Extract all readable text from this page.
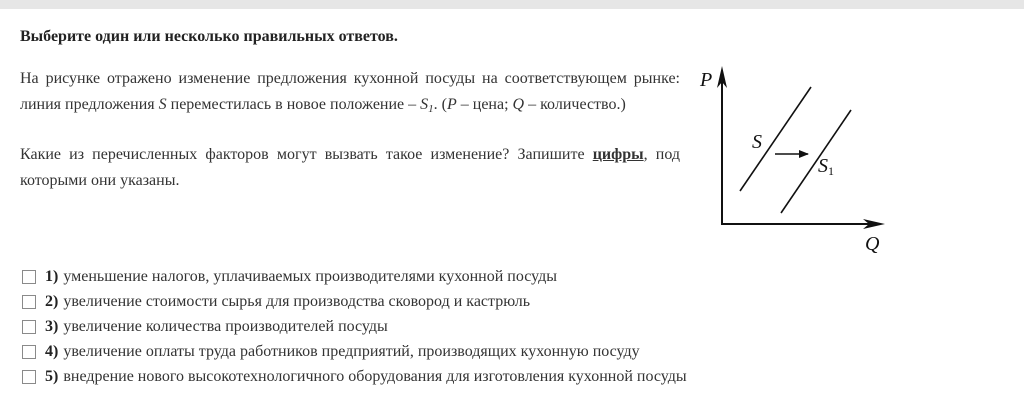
Выберите один или несколько правильных ответов.
На рисунке отражено изменение предложения кухонной посуды на соответствующем рынке: линия предложения S переместилась в новое положение – $S_1$. (P – цена; Q – количество.)
Какие из перечисленных факторов могут вызвать такое изменение? Запишите цифры, под которыми они указаны.
P
Q
S
S1
1) уменьшение налогов, уплачиваемых производителями кухонной посуды
2) увеличение стоимости сырья для производства сковород и кастрюль
3) увеличение количества производителей посуды
4) увеличение оплаты труда работников предприятий, производящих кухонную посуду
5) внедрение нового высокотехнологичного оборудования для изготовления кухонной посуды
